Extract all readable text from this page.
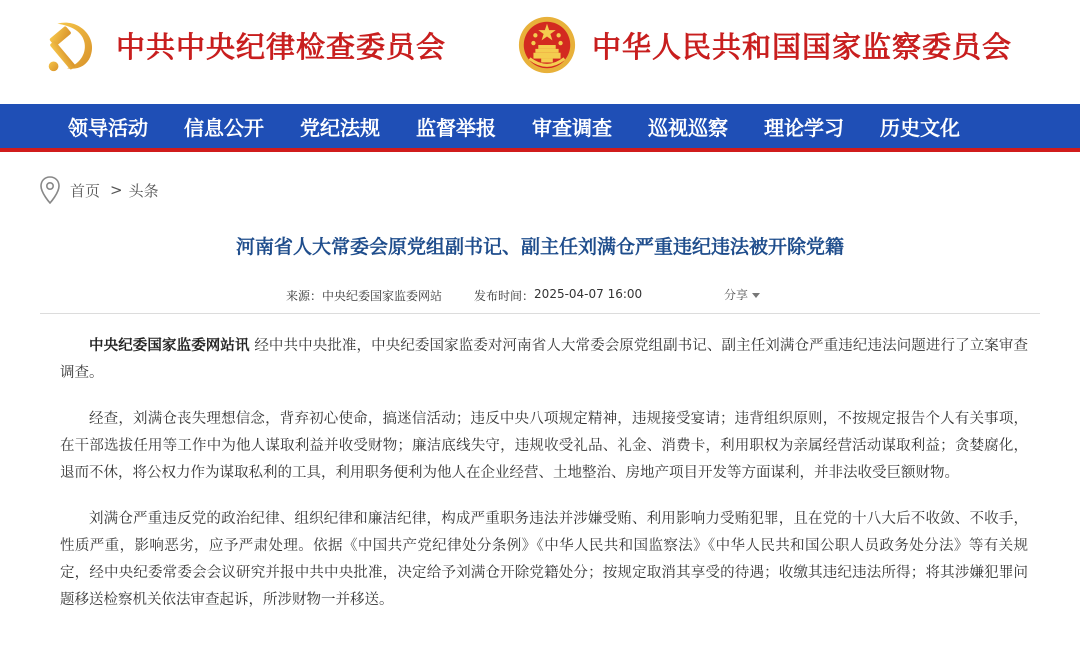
中共中央纪律检查委员会	中华人民共和国国家监察委员会
领导活动 信息公开 党纪法规 监督举报 审查调查 巡视巡察 理论学习 历史文化
首页 > 头条
河南省人大常委会原党组副书记、副主任刘满仓严重违纪违法被开除党籍
来源： 中央纪委国家监委网站	发布时间： 2025-04-07 16:00	分享

中央纪委国家监委网站讯 经中共中央批准，中央纪委国家监委对河南省人大常委会原党组副书记、副主任刘满仓严重违纪违法问题进行了立案审查调查。

经查，刘满仓丧失理想信念，背弃初心使命，搞迷信活动；违反中央八项规定精神，违规接受宴请；违背组织原则，不按规定报告个人有关事项，在干部选拔任用等工作中为他人谋取利益并收受财物；廉洁底线失守，违规收受礼品、礼金、消费卡，利用职权为亲属经营活动谋取利益；贪婪腐化，退而不休，将公权力作为谋取私利的工具，利用职务便利为他人在企业经营、土地整治、房地产项目开发等方面谋利，并非法收受巨额财物。

刘满仓严重违反党的政治纪律、组织纪律和廉洁纪律，构成严重职务违法并涉嫌受贿、利用影响力受贿犯罪，且在党的十八大后不收敛、不收手，性质严重，影响恶劣，应予严肃处理。依据《中国共产党纪律处分条例》《中华人民共和国监察法》《中华人民共和国公职人员政务处分法》等有关规定，经中央纪委常委会会议研究并报中共中央批准，决定给予刘满仓开除党籍处分；按规定取消其享受的待遇；收缴其违纪违法所得；将其涉嫌犯罪问题移送检察机关依法审查起诉，所涉财物一并移送。
